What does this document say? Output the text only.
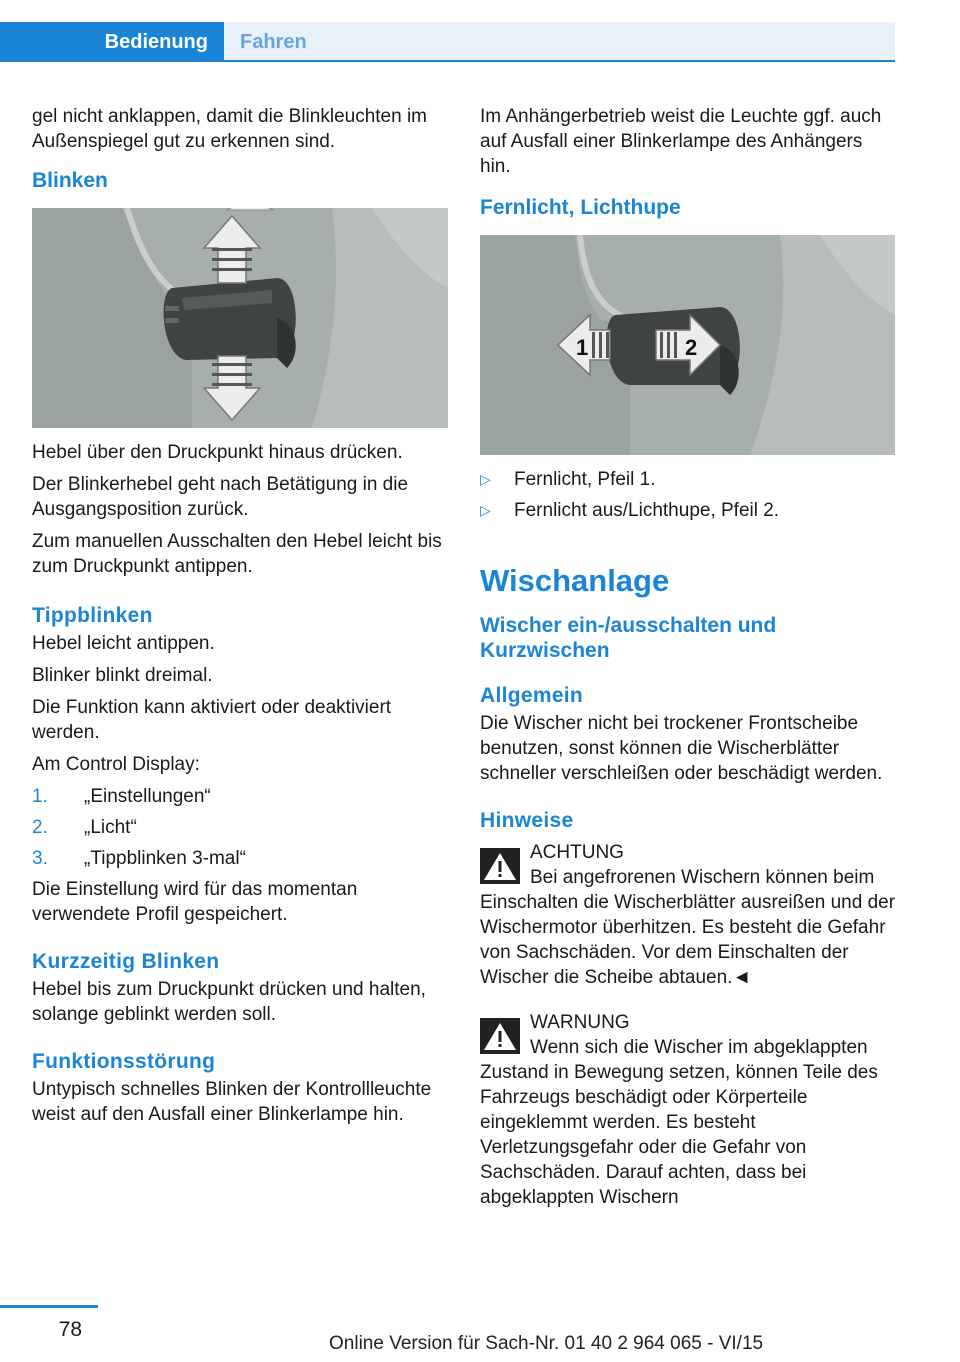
Bedienung	Fahren

gel nicht anklappen, damit die Blinkleuchten im Außenspiegel gut zu erkennen sind.

Blinken

Hebel über den Druckpunkt hinaus drücken.

Der Blinkerhebel geht nach Betätigung in die Ausgangsposition zurück.

Zum manuellen Ausschalten den Hebel leicht bis zum Druckpunkt antippen.

Tippblinken

Hebel leicht antippen.

Blinker blinkt dreimal.

Die Funktion kann aktiviert oder deaktiviert werden.

Am Control Display:

1.	„Einstellungen“
2.	„Licht“
3.	„Tippblinken 3-mal“

Die Einstellung wird für das momentan verwendete Profil gespeichert.

Kurzzeitig Blinken

Hebel bis zum Druckpunkt drücken und halten, solange geblinkt werden soll.

Funktionsstörung

Untypisch schnelles Blinken der Kontrollleuchte weist auf den Ausfall einer Blinkerlampe hin.

Im Anhängerbetrieb weist die Leuchte ggf. auch auf Ausfall einer Blinkerlampe des Anhängers hin.

Fernlicht, Lichthupe
1	2
▷	Fernlicht, Pfeil 1.
▷	Fernlicht aus/Lichthupe, Pfeil 2.
Wischanlage
Wischer ein-/ausschalten und Kurzwischen
Allgemein

Die Wischer nicht bei trockener Frontscheibe benutzen, sonst können die Wischerblätter schneller verschleißen oder beschädigt werden.

Hinweise
ACHTUNG

Bei angefrorenen Wischern können beim Einschalten die Wischerblätter ausreißen und der Wischermotor überhitzen. Es besteht die Gefahr von Sachschäden. Vor dem Einschalten der Wischer die Scheibe abtauen.◄

WARNUNG

Wenn sich die Wischer im abgeklappten Zustand in Bewegung setzen, können Teile des Fahrzeugs beschädigt oder Körperteile eingeklemmt werden. Es besteht Verletzungsgefahr oder die Gefahr von Sachschäden. Darauf achten, dass bei abgeklappten Wischern

78
Online Version für Sach-Nr. 01 40 2 964 065 - VI/15
